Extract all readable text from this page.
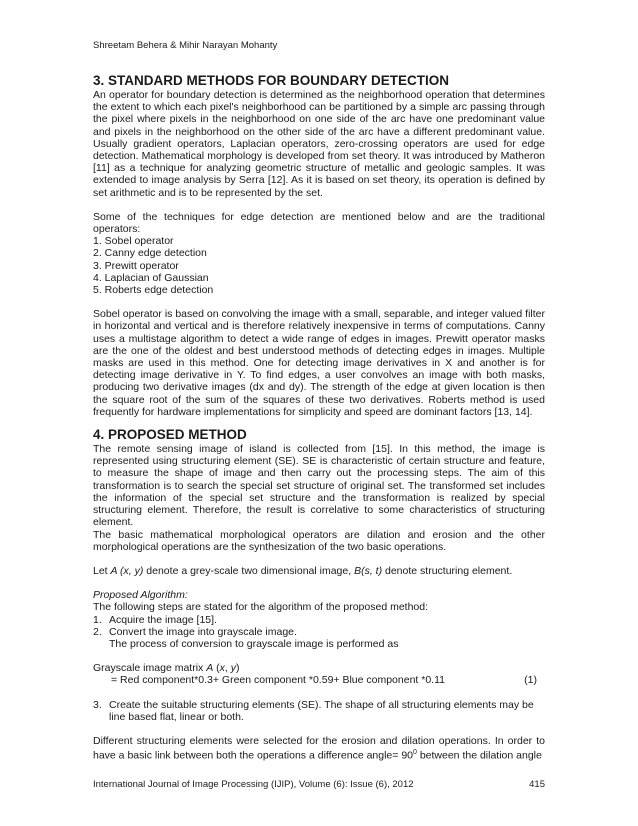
Shreetam Behera & Mihir Narayan Mohanty
3. STANDARD METHODS FOR BOUNDARY DETECTION

An operator for boundary detection is determined as the neighborhood operation that determines the extent to which each pixel's neighborhood can be partitioned by a simple arc passing through the pixel where pixels in the neighborhood on one side of the arc have one predominant value and pixels in the neighborhood on the other side of the arc have a different predominant value. Usually gradient operators, Laplacian operators, zero-crossing operators are used for edge detection. Mathematical morphology is developed from set theory. It was introduced by Matheron [11] as a technique for analyzing geometric structure of metallic and geologic samples. It was extended to image analysis by Serra [12]. As it is based on set theory, its operation is defined by set arithmetic and is to be represented by the set.

Some of the techniques for edge detection are mentioned below and are the traditional operators:

1. Sobel operator
2. Canny edge detection
3. Prewitt operator
4. Laplacian of Gaussian
5. Roberts edge detection

Sobel operator is based on convolving the image with a small, separable, and integer valued filter in horizontal and vertical and is therefore relatively inexpensive in terms of computations. Canny uses a multistage algorithm to detect a wide range of edges in images. Prewitt operator masks are the one of the oldest and best understood methods of detecting edges in images. Multiple masks are used in this method. One for detecting image derivatives in X and another is for detecting image derivative in Y. To find edges, a user convolves an image with both masks, producing two derivative images (dx and dy). The strength of the edge at given location is then the square root of the sum of the squares of these two derivatives. Roberts method is used frequently for hardware implementations for simplicity and speed are dominant factors [13, 14].

4. PROPOSED METHOD

The remote sensing image of island is collected from [15]. In this method, the image is represented using structuring element (SE). SE is characteristic of certain structure and feature, to measure the shape of image and then carry out the processing steps. The aim of this transformation is to search the special set structure of original set. The transformed set includes the information of the special set structure and the transformation is realized by special structuring element. Therefore, the result is correlative to some characteristics of structuring element.

The basic mathematical morphological operators are dilation and erosion and the other morphological operations are the synthesization of the two basic operations.

Let A (x, y) denote a grey-scale two dimensional image, B(s, t) denote structuring element.

Proposed Algorithm:

The following steps are stated for the algorithm of the proposed method:

1. Acquire the image [15].
2. Convert the image into grayscale image.
The process of conversion to grayscale image is performed as

Grayscale image matrix A (x, y)

= Red component*0.3+ Green component *0.59+ Blue component *0.11	(1)
3. Create the suitable structuring elements (SE). The shape of all structuring elements may be line based flat, linear or both.

Different structuring elements were selected for the erosion and dilation operations. In order to have a basic link between both the operations a difference angle= $90^0$ between the dilation angle

International Journal of Image Processing (IJIP), Volume (6): Issue (6), 2012	415
